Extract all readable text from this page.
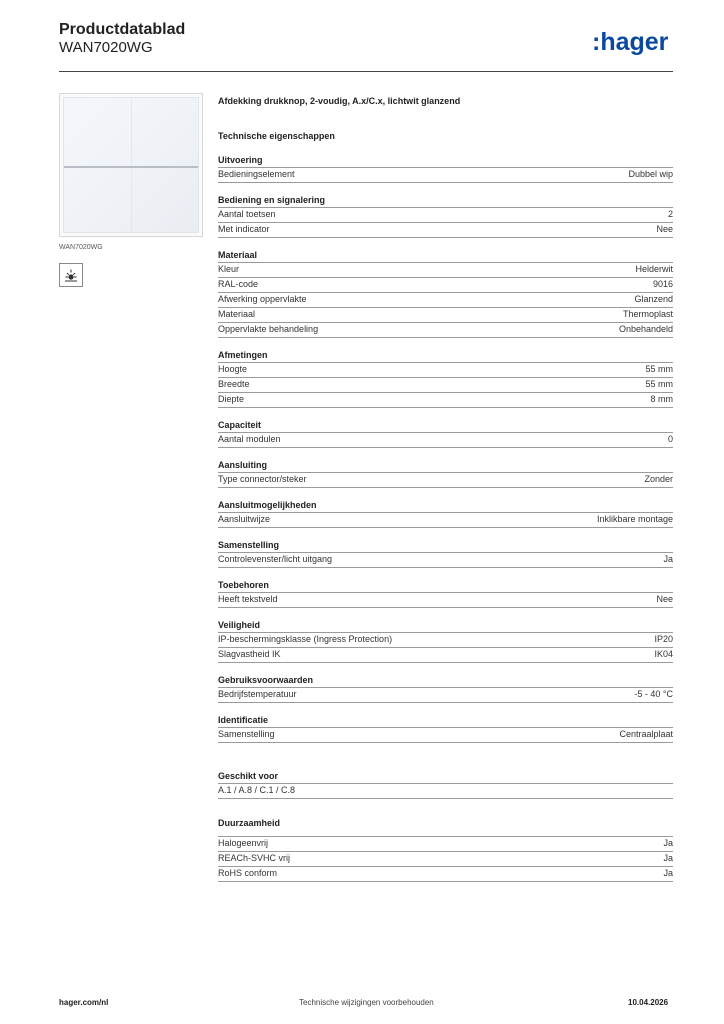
Productdatablad
WAN7020WG	:hager
WAN7020WG
Afdekking drukknop, 2-voudig, A.x/C.x, lichtwit glanzend
Technische eigenschappen
Uitvoering
Bedieningselement	Dubbel wip
Bediening en signalering
Aantal toetsen	2
Met indicator	Nee
Materiaal
Kleur	Helderwit
RAL-code	9016
Afwerking oppervlakte	Glanzend
Materiaal	Thermoplast
Oppervlakte behandeling	Onbehandeld
Afmetingen
Hoogte	55 mm
Breedte	55 mm
Diepte	8 mm
Capaciteit
Aantal modulen	0
Aansluiting
Type connector/steker	Zonder
Aansluitmogelijkheden
Aansluitwijze	Inklikbare montage
Samenstelling
Controlevenster/licht uitgang	Ja
Toebehoren
Heeft tekstveld	Nee
Veiligheid
IP-beschermingsklasse (Ingress Protection)	IP20
Slagvastheid IK	IK04
Gebruiksvoorwaarden
Bedrijfstemperatuur	-5 - 40 °C
Identificatie
Samenstelling	Centraalplaat
Geschikt voor
A.1 / A.8 / C.1 / C.8
Duurzaamheid
Halogeenvrij	Ja
REACh-SVHC vrij	Ja
RoHS conform	Ja
hager.com/nl	Technische wijzigingen voorbehouden	10.04.2026
